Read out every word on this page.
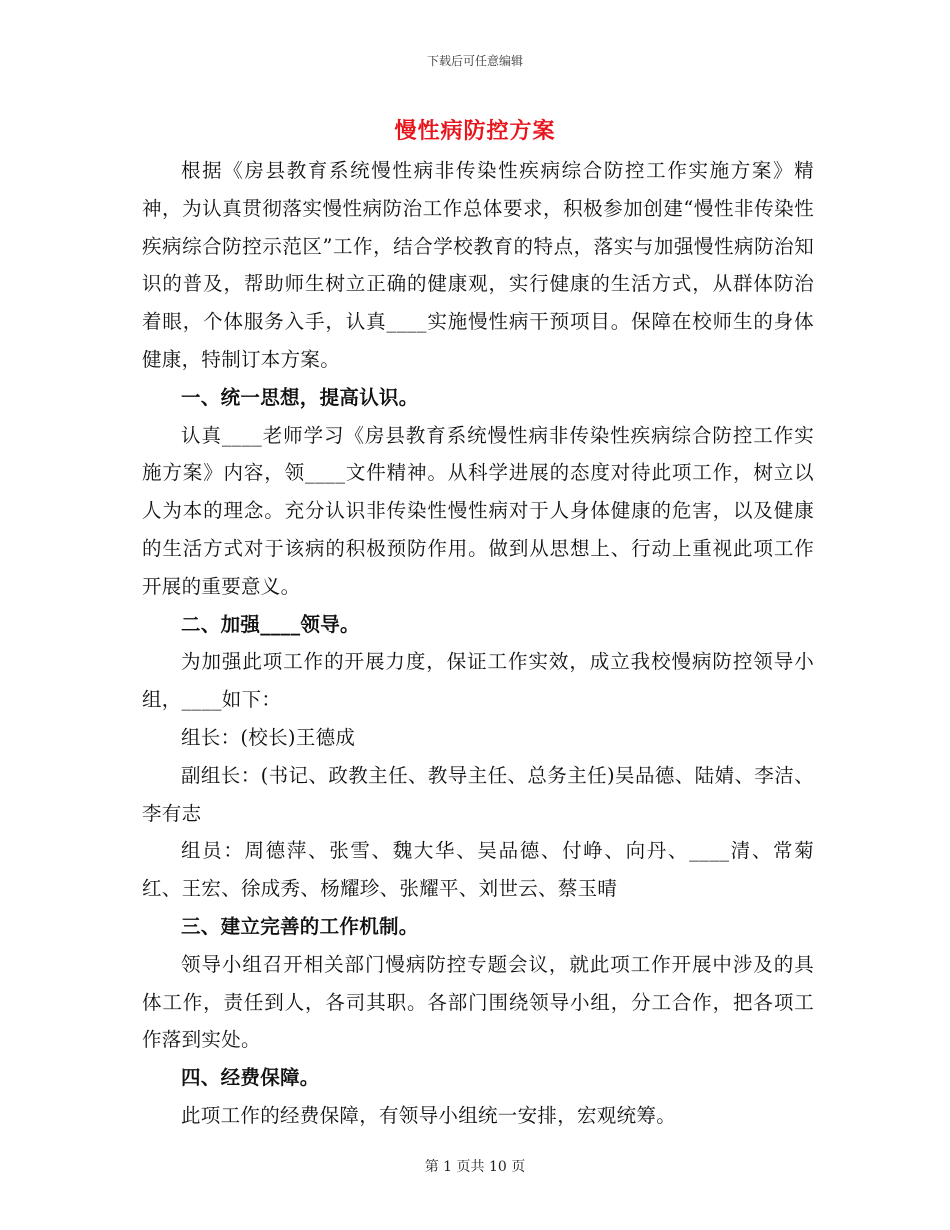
下载后可任意编辑
慢性病防控方案

根据《房县教育系统慢性病非传染性疾病综合防控工作实施方案》精神，为认真贯彻落实慢性病防治工作总体要求，积极参加创建“慢性非传染性疾病综合防控示范区”工作，结合学校教育的特点，落实与加强慢性病防治知识的普及，帮助师生树立正确的健康观，实行健康的生活方式，从群体防治着眼，个体服务入手，认真____实施慢性病干预项目。保障在校师生的身体健康，特制订本方案。

一、统一思想，提高认识。

认真____老师学习《房县教育系统慢性病非传染性疾病综合防控工作实施方案》内容，领____文件精神。从科学进展的态度对待此项工作，树立以人为本的理念。充分认识非传染性慢性病对于人身体健康的危害，以及健康的生活方式对于该病的积极预防作用。做到从思想上、行动上重视此项工作开展的重要意义。

二、加强____领导。

为加强此项工作的开展力度，保证工作实效，成立我校慢病防控领导小组，____如下：

组长：(校长)王德成

副组长：(书记、政教主任、教导主任、总务主任)吴品德、陆婧、李洁、李有志

组员：周德萍、张雪、魏大华、吴品德、付峥、向丹、____清、常菊红、王宏、徐成秀、杨耀珍、张耀平、刘世云、蔡玉晴

三、建立完善的工作机制。

领导小组召开相关部门慢病防控专题会议，就此项工作开展中涉及的具体工作，责任到人，各司其职。各部门围绕领导小组，分工合作，把各项工作落到实处。

四、经费保障。

此项工作的经费保障，有领导小组统一安排，宏观统筹。

第 1 页共 10 页
